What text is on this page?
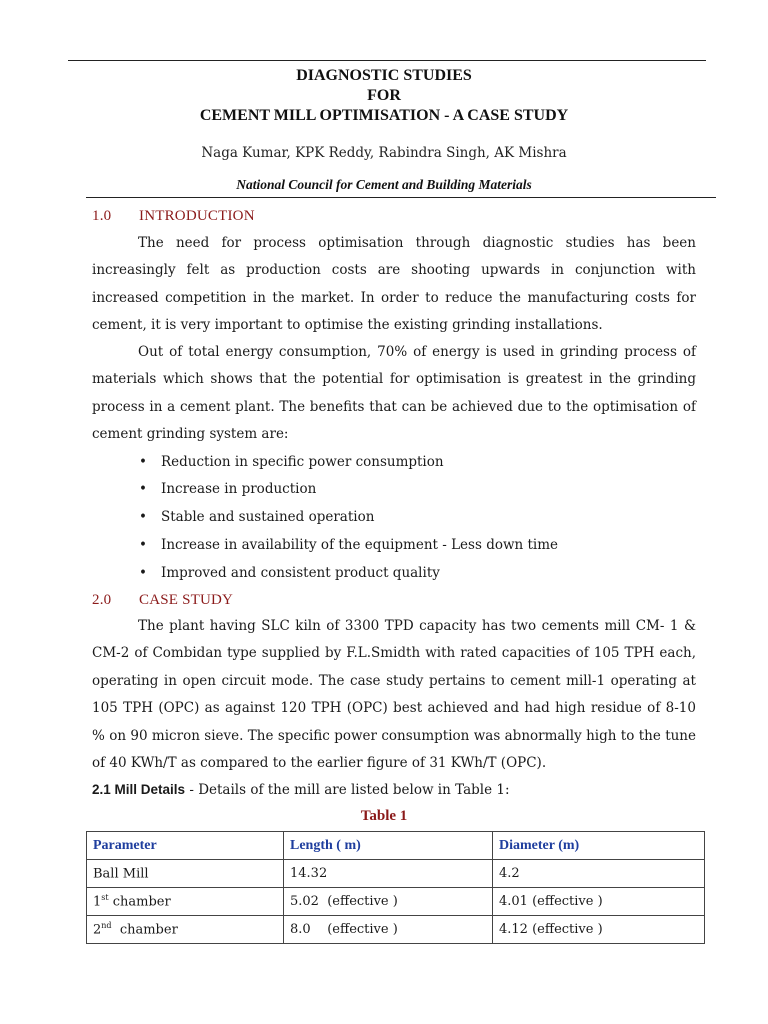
DIAGNOSTIC STUDIES
FOR
CEMENT MILL OPTIMISATION - A CASE STUDY
Naga Kumar, KPK Reddy, Rabindra Singh, AK Mishra
National Council for Cement and Building Materials
1.0 INTRODUCTION

The need for process optimisation through diagnostic studies has been increasingly felt as production costs are shooting upwards in conjunction with increased competition in the market. In order to reduce the manufacturing costs for cement, it is very important to optimise the existing grinding installations.

Out of total energy consumption, 70% of energy is used in grinding process of materials which shows that the potential for optimisation is greatest in the grinding process in a cement plant. The benefits that can be achieved due to the optimisation of cement grinding system are:

• Reduction in specific power consumption
• Increase in production
• Stable and sustained operation
• Increase in availability of the equipment - Less down time
• Improved and consistent product quality
2.0 CASE STUDY

The plant having SLC kiln of 3300 TPD capacity has two cements mill CM- 1 & CM-2 of Combidan type supplied by F.L.Smidth with rated capacities of 105 TPH each, operating in open circuit mode. The case study pertains to cement mill-1 operating at 105 TPH (OPC) as against 120 TPH (OPC) best achieved and had high residue of 8-10 % on 90 micron sieve. The specific power consumption was abnormally high to the tune of 40 KWh/T as compared to the earlier figure of 31 KWh/T (OPC).

2.1 Mill Details - Details of the mill are listed below in Table 1:
Table 1
Parameter	Length ( m)	Diameter (m)
Ball Mill	14.32	4.2
1st chamber	5.02  (effective )	4.01 (effective )
2nd  chamber	8.0    (effective )	4.12 (effective )
